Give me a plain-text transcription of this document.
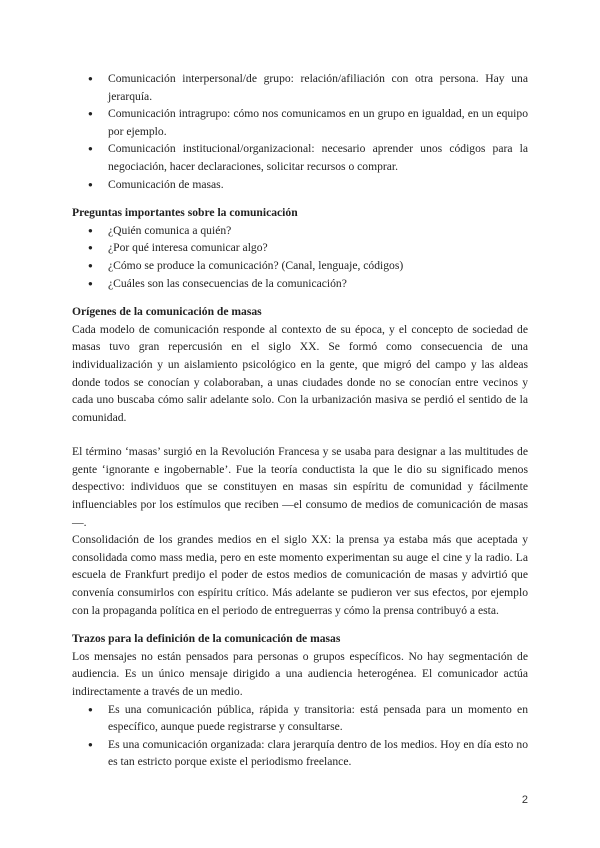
● Comunicación interpersonal/de grupo: relación/afiliación con otra persona. Hay una jerarquía.
● Comunicación intragrupo: cómo nos comunicamos en un grupo en igualdad, en un equipo por ejemplo.
● Comunicación institucional/organizacional: necesario aprender unos códigos para la negociación, hacer declaraciones, solicitar recursos o comprar.
● Comunicación de masas.

Preguntas importantes sobre la comunicación

● ¿Quién comunica a quién?
● ¿Por qué interesa comunicar algo?
● ¿Cómo se produce la comunicación? (Canal, lenguaje, códigos)
● ¿Cuáles son las consecuencias de la comunicación?

Orígenes de la comunicación de masas

Cada modelo de comunicación responde al contexto de su época, y el concepto de sociedad de masas tuvo gran repercusión en el siglo XX. Se formó como consecuencia de una individualización y un aislamiento psicológico en la gente, que migró del campo y las aldeas donde todos se conocían y colaboraban, a unas ciudades donde no se conocían entre vecinos y cada uno buscaba cómo salir adelante solo. Con la urbanización masiva se perdió el sentido de la comunidad.

El término ‘masas’ surgió en la Revolución Francesa y se usaba para designar a las multitudes de gente ‘ignorante e ingobernable’. Fue la teoría conductista la que le dio su significado menos despectivo: individuos que se constituyen en masas sin espíritu de comunidad y fácilmente influenciables por los estímulos que reciben —el consumo de medios de comunicación de masas—.

Consolidación de los grandes medios en el siglo XX: la prensa ya estaba más que aceptada y consolidada como mass media, pero en este momento experimentan su auge el cine y la radio. La escuela de Frankfurt predijo el poder de estos medios de comunicación de masas y advirtió que convenía consumirlos con espíritu crítico. Más adelante se pudieron ver sus efectos, por ejemplo con la propaganda política en el periodo de entreguerras y cómo la prensa contribuyó a esta.

Trazos para la definición de la comunicación de masas

Los mensajes no están pensados para personas o grupos específicos. No hay segmentación de audiencia. Es un único mensaje dirigido a una audiencia heterogénea. El comunicador actúa indirectamente a través de un medio.

● Es una comunicación pública, rápida y transitoria: está pensada para un momento en específico, aunque puede registrarse y consultarse.
● Es una comunicación organizada: clara jerarquía dentro de los medios. Hoy en día esto no es tan estricto porque existe el periodismo freelance.
2
